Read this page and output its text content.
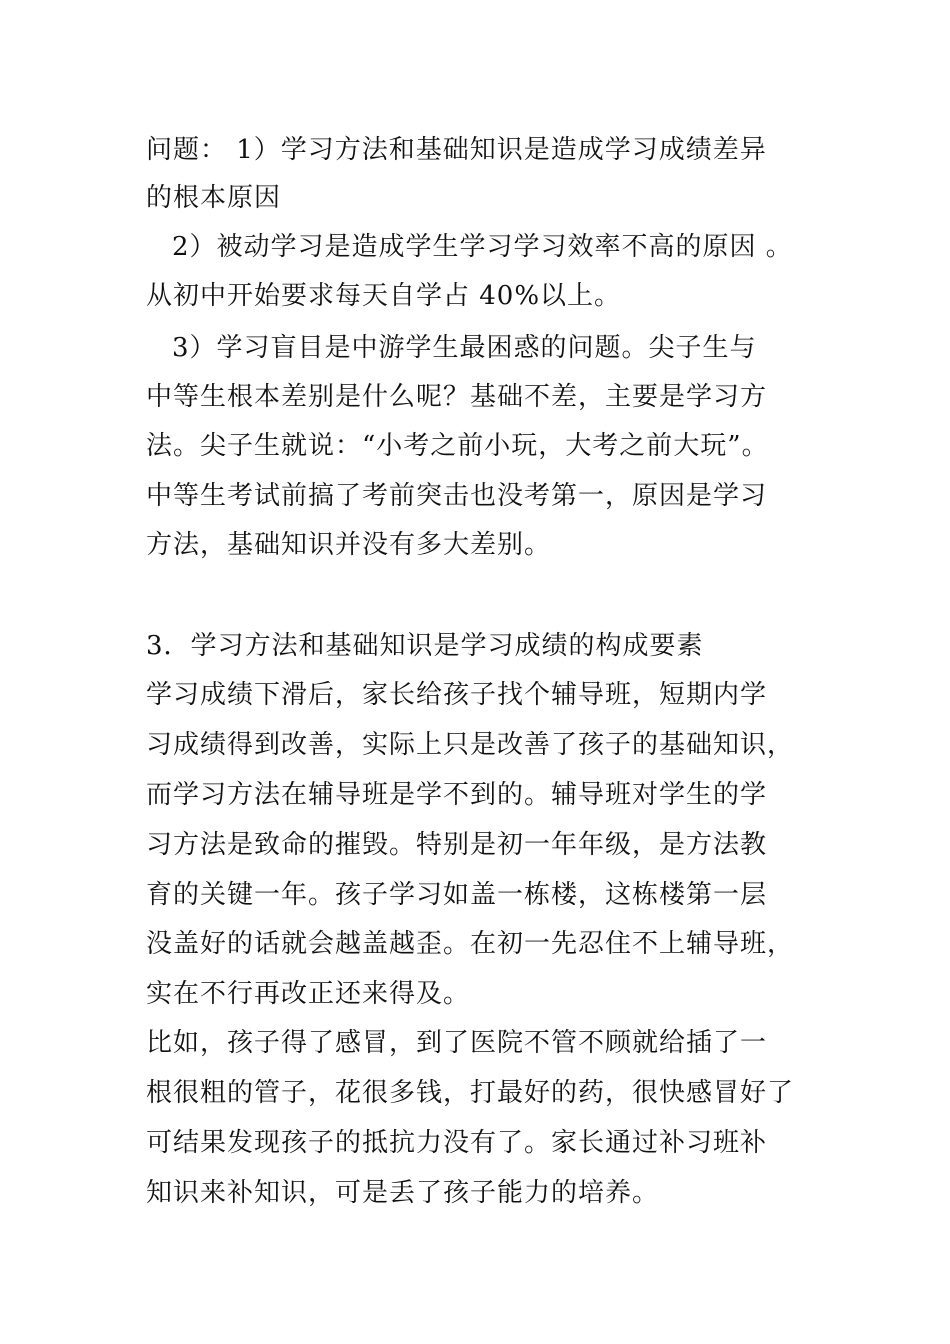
问题： 1）学习方法和基础知识是造成学习成绩差异
的根本原因
2）被动学习是造成学生学习学习效率不高的原因 。
从初中开始要求每天自学占 40%以上。
3）学习盲目是中游学生最困惑的问题。尖子生与
中等生根本差别是什么呢？基础不差，主要是学习方
法。尖子生就说：“小考之前小玩，大考之前大玩”。
中等生考试前搞了考前突击也没考第一，原因是学习
方法，基础知识并没有多大差别。
3．学习方法和基础知识是学习成绩的构成要素
学习成绩下滑后，家长给孩子找个辅导班，短期内学
习成绩得到改善，实际上只是改善了孩子的基础知识，
而学习方法在辅导班是学不到的。辅导班对学生的学
习方法是致命的摧毁。特别是初一年年级，是方法教
育的关键一年。孩子学习如盖一栋楼，这栋楼第一层
没盖好的话就会越盖越歪。在初一先忍住不上辅导班，
实在不行再改正还来得及。
比如，孩子得了感冒，到了医院不管不顾就给插了一
根很粗的管子，花很多钱，打最好的药，很快感冒好了
可结果发现孩子的抵抗力没有了。家长通过补习班补
知识来补知识，可是丢了孩子能力的培养。
